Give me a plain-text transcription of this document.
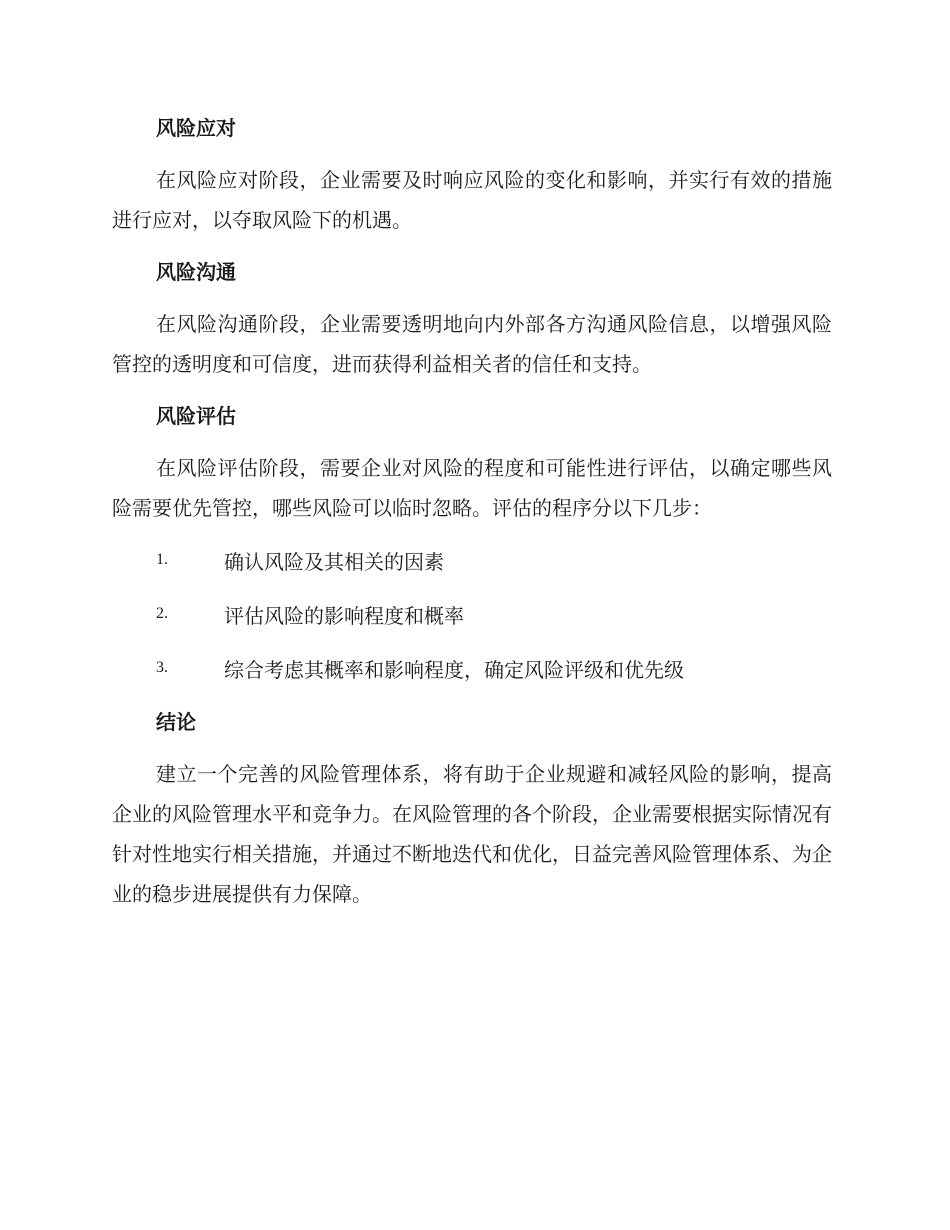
风险应对

在风险应对阶段，企业需要及时响应风险的变化和影响，并实行有效的措施进行应对，以夺取风险下的机遇。

风险沟通

在风险沟通阶段，企业需要透明地向内外部各方沟通风险信息，以增强风险管控的透明度和可信度，进而获得利益相关者的信任和支持。

风险评估

在风险评估阶段，需要企业对风险的程度和可能性进行评估，以确定哪些风险需要优先管控，哪些风险可以临时忽略。评估的程序分以下几步：

1.	确认风险及其相关的因素
2.	评估风险的影响程度和概率
3.	综合考虑其概率和影响程度，确定风险评级和优先级
结论

建立一个完善的风险管理体系，将有助于企业规避和减轻风险的影响，提高企业的风险管理水平和竞争力。在风险管理的各个阶段，企业需要根据实际情况有针对性地实行相关措施，并通过不断地迭代和优化，日益完善风险管理体系、为企业的稳步进展提供有力保障。
